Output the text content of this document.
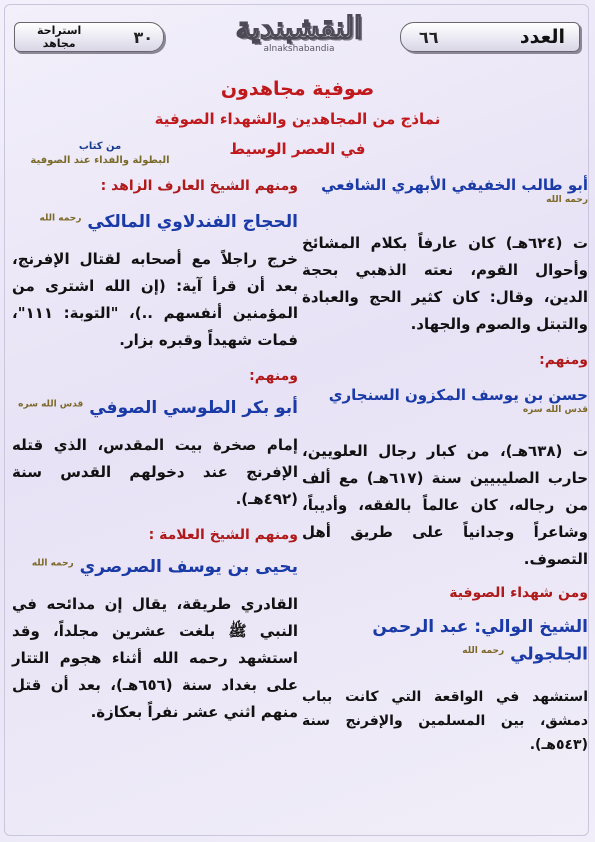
العدد
٦٦
النقشبندية
alnakshabandia
٣٠
استراحة
مجاهد
صوفية مجاهدون
نماذج من المجاهدين والشهداء الصوفية
في العصر الوسيط
من كتاب
البطولة والفداء عند الصوفية

أبو طالب الخفيفي الأبهري الشافعي $^{رحمه الله}$

ت (٦٢٤هـ) كان عارفاً بكلام المشائخ وأحوال القوم، نعته الذهبي بحجة الدين، وقال: كان كثير الحج والعبادة والتبتل والصوم والجهاد.

ومنهم:

حسن بن يوسف المكزون السنجاري $^{قدس الله سره}$

ت (٦٣٨هـ)، من كبار رجال العلويين، حارب الصليبيين سنة (٦١٧هـ) مع ألف من رجاله، كان عالماً بالفقه، وأديباً، وشاعراً وجدانياً على طريق أهل التصوف.

ومن شهداء الصوفية

الشيخ الوالي: عبد الرحمن الجلجولي $^{رحمه الله}$

استشهد في الواقعة التي كانت بباب دمشق، بين المسلمين والإفرنج سنة (٥٤٣هـ).

ومنهم الشيخ العارف الزاهد :

الحجاج الفندلاوي المالكي $^{رحمه الله}$

خرج راجلاً مع أصحابه لقتال الإفرنج، بعد أن قرأ آية: (إن الله اشترى من المؤمنين أنفسهم ..)، "التوبة: ١١١"، فمات شهيداً وقبره بزار.

ومنهم:

أبو بكر الطوسي الصوفي $^{قدس الله سره}$

إمام صخرة بيت المقدس، الذي قتله الإفرنج عند دخولهم القدس سنة (٤٩٢هـ).

ومنهم الشيخ العلامة :

يحيى بن يوسف الصرصري $^{رحمه الله}$

القادري طريقة، يقال إن مدائحه في النبي ﷺ بلغت عشرين مجلداً، وقد استشهد رحمه الله أثناء هجوم التتار على بغداد سنة (٦٥٦هـ)، بعد أن قتل منهم اثني عشر نفراً بعكازة.
